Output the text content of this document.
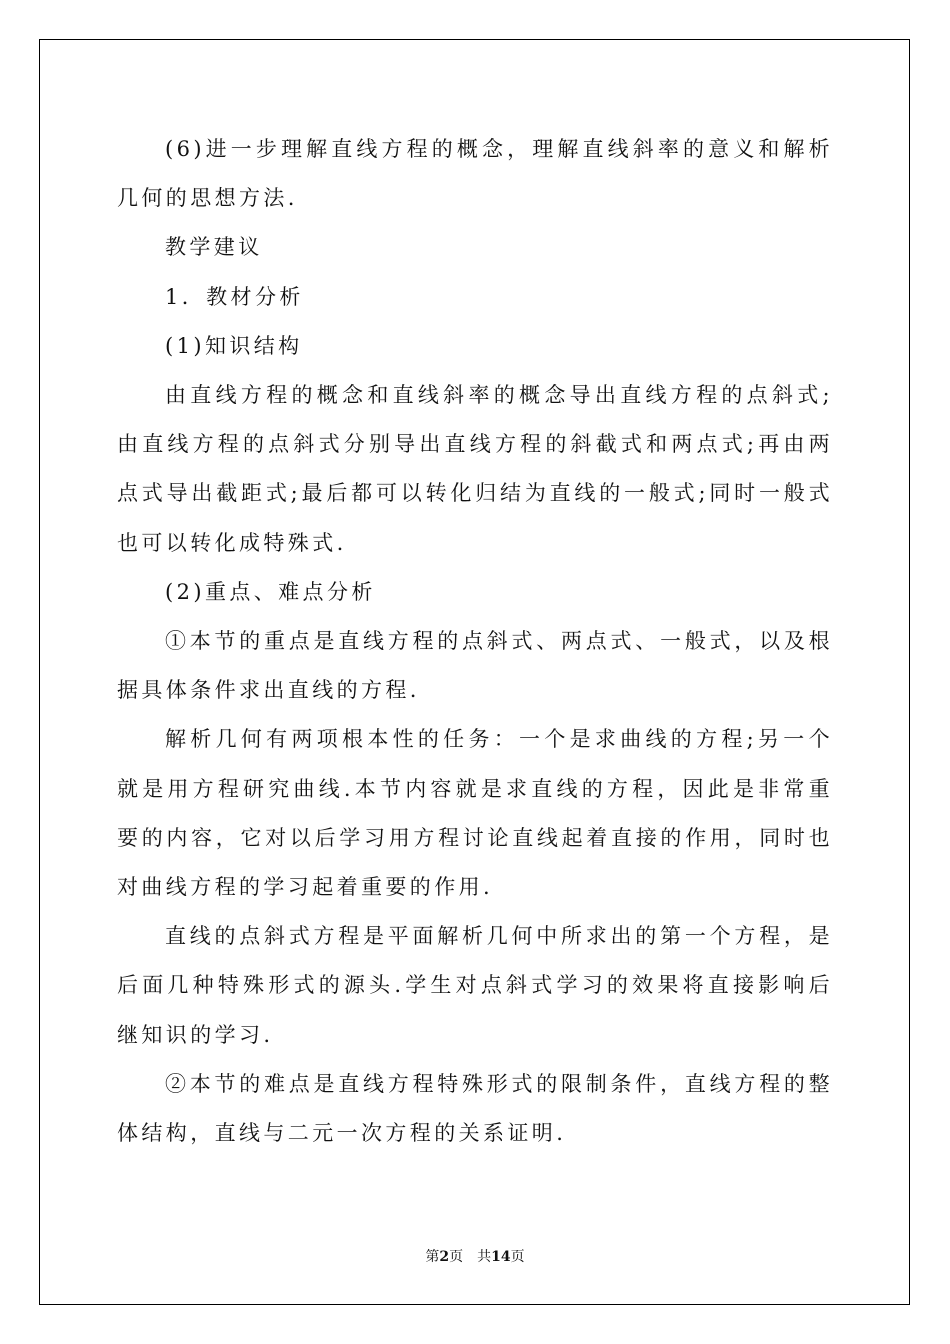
(6)进一步理解直线方程的概念，理解直线斜率的意义和解析几何的思想方法.

教学建议

1．教材分析

(1)知识结构

由直线方程的概念和直线斜率的概念导出直线方程的点斜式;由直线方程的点斜式分别导出直线方程的斜截式和两点式;再由两点式导出截距式;最后都可以转化归结为直线的一般式;同时一般式也可以转化成特殊式.

(2)重点、难点分析

①本节的重点是直线方程的点斜式、两点式、一般式，以及根据具体条件求出直线的方程.

解析几何有两项根本性的任务：一个是求曲线的方程;另一个就是用方程研究曲线.本节内容就是求直线的方程，因此是非常重要的内容，它对以后学习用方程讨论直线起着直接的作用，同时也对曲线方程的学习起着重要的作用.

直线的点斜式方程是平面解析几何中所求出的第一个方程，是后面几种特殊形式的源头.学生对点斜式学习的效果将直接影响后继知识的学习.

②本节的难点是直线方程特殊形式的限制条件，直线方程的整体结构，直线与二元一次方程的关系证明.

第2页 共14页
